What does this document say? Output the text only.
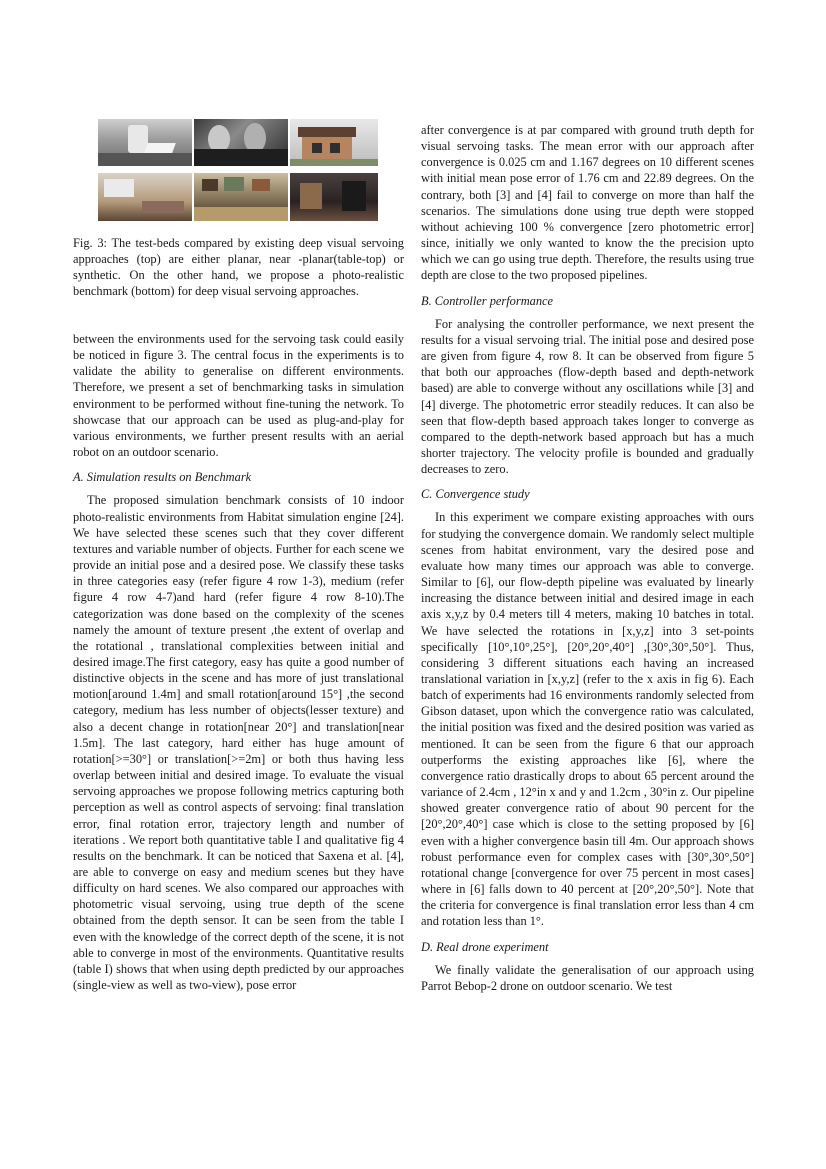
Fig. 3: The test-beds compared by existing deep visual servoing approaches (top) are either planar, near -planar(table-top) or synthetic. On the other hand, we propose a photo-realistic benchmark (bottom) for deep visual servoing approaches.

between the environments used for the servoing task could easily be noticed in figure 3. The central focus in the experiments is to validate the ability to generalise on different environments. Therefore, we present a set of benchmarking tasks in simulation environment to be performed without fine-tuning the network. To showcase that our approach can be used as plug-and-play for various environments, we further present results with an aerial robot on an outdoor scenario.

A. Simulation results on Benchmark

The proposed simulation benchmark consists of 10 indoor photo-realistic environments from Habitat simulation engine [24]. We have selected these scenes such that they cover different textures and variable number of objects. Further for each scene we provide an initial pose and a desired pose. We classify these tasks in three categories easy (refer figure 4 row 1-3), medium (refer figure 4 row 4-7)and hard (refer figure 4 row 8-10).The categorization was done based on the complexity of the scenes namely the amount of texture present ,the extent of overlap and the rotational , translational complexities between initial and desired image.The first category, easy has quite a good number of distinctive objects in the scene and has more of just translational motion[around 1.4m] and small rotation[around 15°] ,the second category, medium has less number of objects(lesser texture) and also a decent change in rotation[near 20°] and translation[near 1.5m]. The last category, hard either has huge amount of rotation[>=30°] or translation[>=2m] or both thus having less overlap between initial and desired image. To evaluate the visual servoing approaches we propose following metrics capturing both perception as well as control aspects of servoing: final translation error, final rotation error, trajectory length and number of iterations . We report both quantitative table I and qualitative fig 4 results on the benchmark. It can be noticed that Saxena et al. [4], are able to converge on easy and medium scenes but they have difficulty on hard scenes. We also compared our approaches with photometric visual servoing, using true depth of the scene obtained from the depth sensor. It can be seen from the table I even with the knowledge of the correct depth of the scene, it is not able to converge in most of the environments. Quantitative results (table I) shows that when using depth predicted by our approaches (single-view as well as two-view), pose error

after convergence is at par compared with ground truth depth for visual servoing tasks. The mean error with our approach after convergence is 0.025 cm and 1.167 degrees on 10 different scenes with initial mean pose error of 1.76 cm and 22.89 degrees. On the contrary, both [3] and [4] fail to converge on more than half the scenarios. The simulations done using true depth were stopped without achieving 100 % convergence [zero photometric error] since, initially we only wanted to know the the precision upto which we can go using true depth. Therefore, the results using true depth are close to the two proposed pipelines.

B. Controller performance

For analysing the controller performance, we next present the results for a visual servoing trial. The initial pose and desired pose are given from figure 4, row 8. It can be observed from figure 5 that both our approaches (flow-depth based and depth-network based) are able to converge without any oscillations while [3] and [4] diverge. The photometric error steadily reduces. It can also be seen that flow-depth based approach takes longer to converge as compared to the depth-network based approach but has a much shorter trajectory. The velocity profile is bounded and gradually decreases to zero.

C. Convergence study

In this experiment we compare existing approaches with ours for studying the convergence domain. We randomly select multiple scenes from habitat environment, vary the desired pose and evaluate how many times our approach was able to converge. Similar to [6], our flow-depth pipeline was evaluated by linearly increasing the distance between initial and desired image in each axis x,y,z by 0.4 meters till 4 meters, making 10 batches in total. We have selected the rotations in [x,y,z] into 3 set-points specifically [10°,10°,25°], [20°,20°,40°] ,[30°,30°,50°]. Thus, considering 3 different situations each having an increased translational variation in [x,y,z] (refer to the x axis in fig 6). Each batch of experiments had 16 environments randomly selected from Gibson dataset, upon which the convergence ratio was calculated, the initial position was fixed and the desired position was varied as mentioned. It can be seen from the figure 6 that our approach outperforms the existing approaches like [6], where the convergence ratio drastically drops to about 65 percent around the variance of 2.4cm , 12°in x and y and 1.2cm , 30°in z. Our pipeline showed greater convergence ratio of about 90 percent for the [20°,20°,40°] case which is close to the setting proposed by [6] even with a higher convergence basin till 4m. Our approach shows robust performance even for complex cases with [30°,30°,50°] rotational change [convergence for over 75 percent in most cases] where in [6] falls down to 40 percent at [20°,20°,50°]. Note that the criteria for convergence is final translation error less than 4 cm and rotation less than 1°.

D. Real drone experiment

We finally validate the generalisation of our approach using Parrot Bebop-2 drone on outdoor scenario. We test
